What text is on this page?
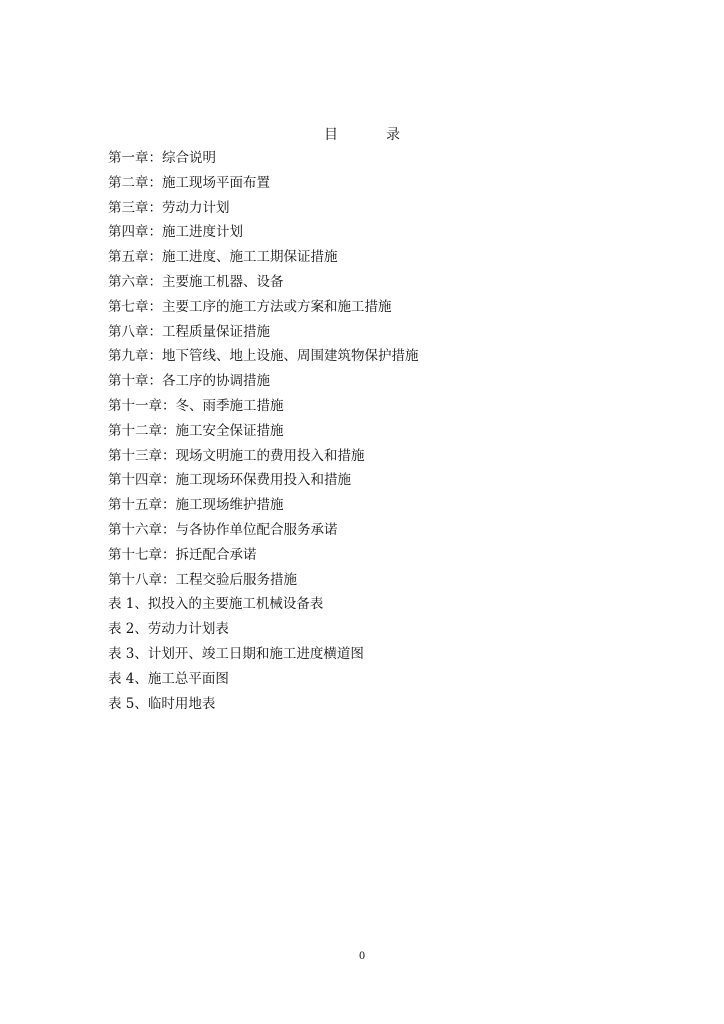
目	录
第一章：综合说明
第二章：施工现场平面布置
第三章：劳动力计划
第四章：施工进度计划
第五章：施工进度、施工工期保证措施
第六章：主要施工机器、设备
第七章：主要工序的施工方法或方案和施工措施
第八章：工程质量保证措施
第九章：地下管线、地上设施、周围建筑物保护措施
第十章：各工序的协调措施
第十一章：冬、雨季施工措施
第十二章：施工安全保证措施
第十三章：现场文明施工的费用投入和措施
第十四章：施工现场环保费用投入和措施
第十五章：施工现场维护措施
第十六章：与各协作单位配合服务承诺
第十七章：拆迁配合承诺
第十八章：工程交验后服务措施
表 1、拟投入的主要施工机械设备表
表 2、劳动力计划表
表 3、计划开、竣工日期和施工进度横道图
表 4、施工总平面图
表 5、临时用地表
0
